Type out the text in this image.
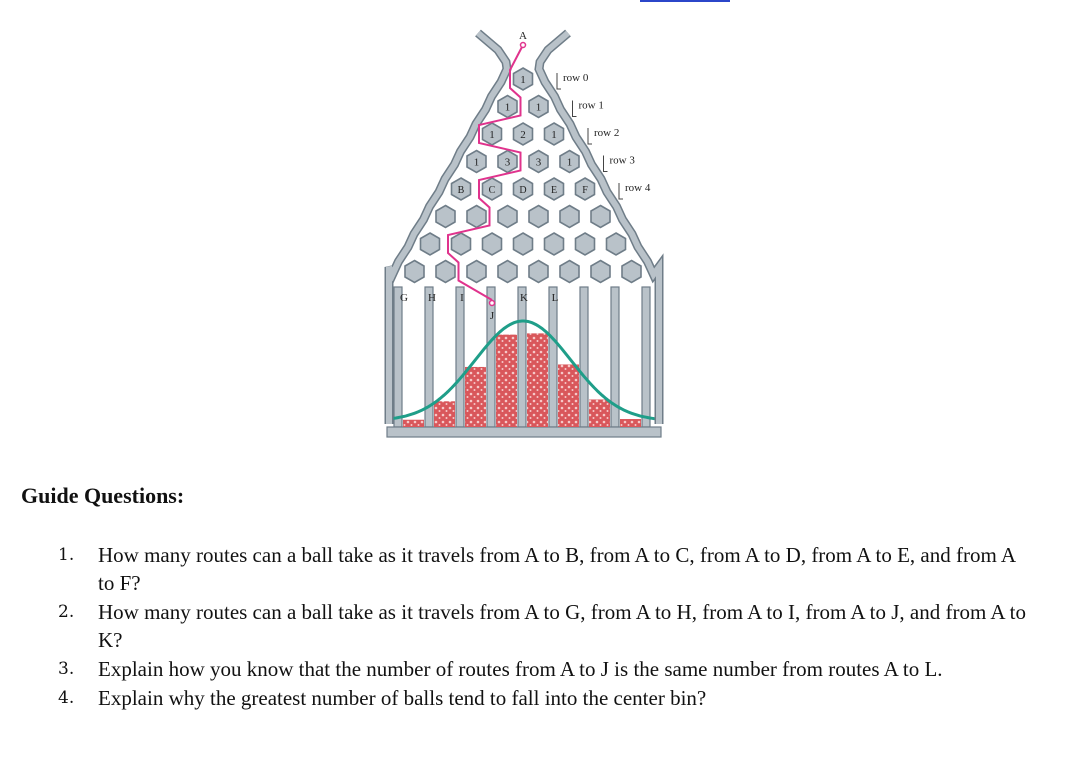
A
1
1 1
1 2 1
1 3 3 1
B C D E	F
row 0
row 1
row 2
row 3
row 4
G H I
J
K L
Guide Questions:
1. How many routes can a ball take as it travels from A to B, from A to C, from A to D, from A to E, and from A to F?
2. How many routes can a ball take as it travels from A to G, from A to H, from A to I, from A to J, and from A to K?
3. Explain how you know that the number of routes from A to J is the same number from routes A to L.
4. Explain why the greatest number of balls tend to fall into the center bin?
